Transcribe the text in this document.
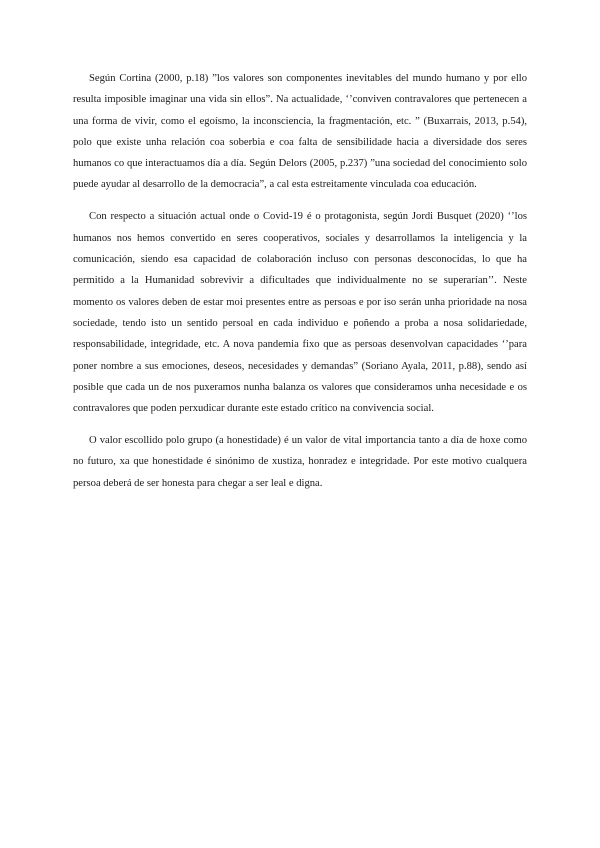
Según Cortina (2000, p.18) ”los valores son componentes inevitables del mundo humano y por ello resulta imposible imaginar una vida sin ellos”. Na actualidade, ‘’conviven contravalores que pertenecen a una forma de vivir, como el egoísmo, la inconsciencia, la fragmentación, etc. ” (Buxarrais, 2013, p.54), polo que existe unha relación coa soberbia e coa falta de sensibilidade hacia a diversidade dos seres humanos co que interactuamos día a día. Según Delors (2005, p.237) ”una sociedad del conocimiento solo puede ayudar al desarrollo de la democracia”, a cal esta estreitamente vinculada coa educación.

Con respecto a situación actual onde o Covid-19 é o protagonista, según Jordi Busquet (2020) ‘’los humanos nos hemos convertido en seres cooperativos, sociales y desarrollamos la inteligencia y la comunicación, siendo esa capacidad de colaboración incluso con personas desconocidas, lo que ha permitido a la Humanidad sobrevivir a dificultades que individualmente no se superarían’’. Neste momento os valores deben de estar moi presentes entre as persoas e por iso serán unha prioridade na nosa sociedade, tendo isto un sentido persoal en cada individuo e poñendo a proba a nosa solidariedade, responsabilidade, integridade, etc. A nova pandemia fixo que as persoas desenvolvan capacidades ‘’para poner nombre a sus emociones, deseos, necesidades y demandas” (Soriano Ayala, 2011, p.88), sendo así posible que cada un de nos puxeramos nunha balanza os valores que consideramos unha necesidade e os contravalores que poden perxudicar durante este estado crítico na convivencia social.

O valor escollido polo grupo (a honestidade) é un valor de vital importancia tanto a día de hoxe como no futuro, xa que honestidade é sinónimo de xustiza, honradez e integridade. Por este motivo cualquera persoa deberá de ser honesta para chegar a ser leal e digna.
